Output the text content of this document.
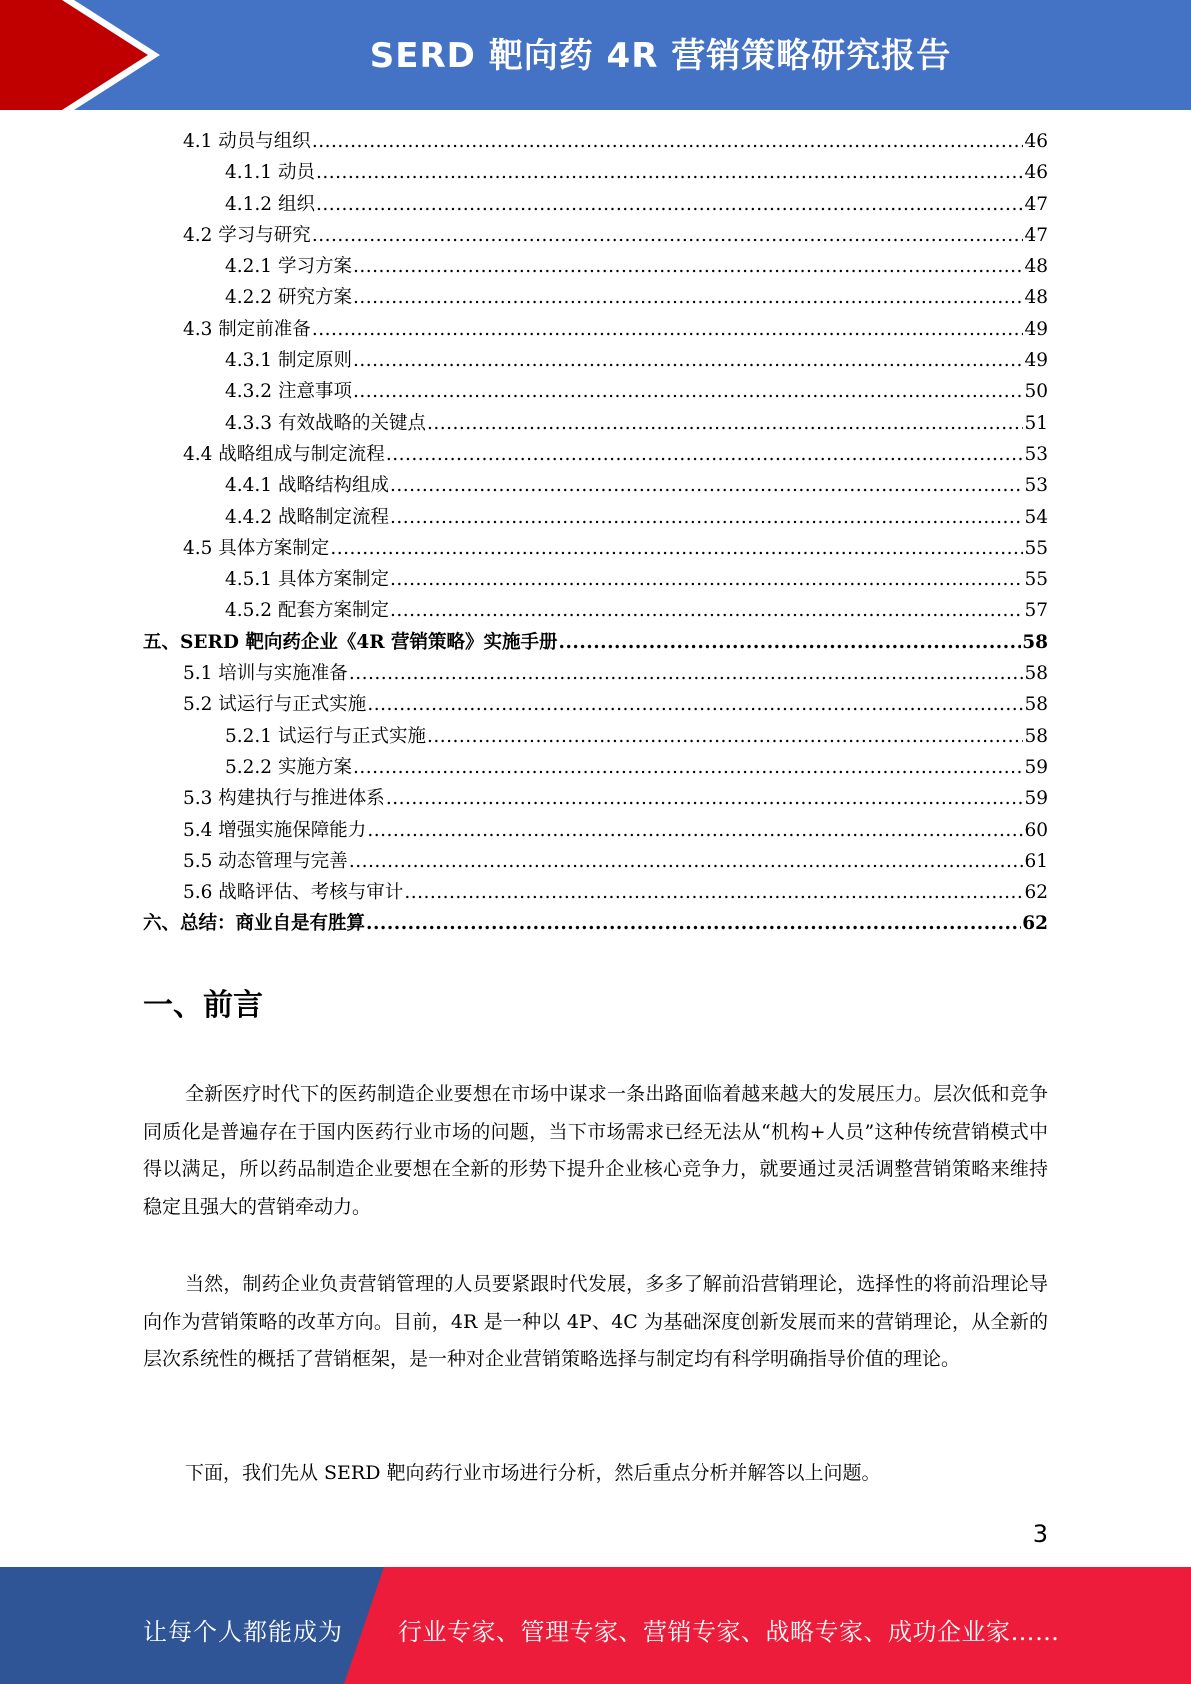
SERD 靶向药 4R 营销策略研究报告
4.1 动员与组织 .....	46
4.1.1 动员 .....	46
4.1.2 组织 .....	47
4.2 学习与研究 .....	47
4.2.1 学习方案 .....	48
4.2.2 研究方案 .....	48
4.3 制定前准备 .....	49
4.3.1 制定原则 .....	49
4.3.2 注意事项 .....	50
4.3.3 有效战略的关键点 .....	51
4.4 战略组成与制定流程 .....	53
4.4.1 战略结构组成 .....	53
4.4.2 战略制定流程 .....	54
4.5 具体方案制定 .....	55
4.5.1 具体方案制定 .....	55
4.5.2 配套方案制定 .....	57
五、SERD 靶向药企业《4R 营销策略》实施手册 .....	58
5.1 培训与实施准备 .....	58
5.2 试运行与正式实施 .....	58
5.2.1 试运行与正式实施 .....	58
5.2.2 实施方案 .....	59
5.3 构建执行与推进体系 .....	59
5.4 增强实施保障能力 .....	60
5.5 动态管理与完善 .....	61
5.6 战略评估、考核与审计 .....	62
六、总结：商业自是有胜算 .....	62
一、前言

全新医疗时代下的医药制造企业要想在市场中谋求一条出路面临着越来越大的发展压力。层次低和竞争同质化是普遍存在于国内医药行业市场的问题，当下市场需求已经无法从“机构+人员”这种传统营销模式中得以满足，所以药品制造企业要想在全新的形势下提升企业核心竞争力，就要通过灵活调整营销策略来维持稳定且强大的营销牵动力。

当然，制药企业负责营销管理的人员要紧跟时代发展，多多了解前沿营销理论，选择性的将前沿理论导向作为营销策略的改革方向。目前，4R 是一种以 4P、4C 为基础深度创新发展而来的营销理论，从全新的层次系统性的概括了营销框架，是一种对企业营销策略选择与制定均有科学明确指导价值的理论。

下面，我们先从 SERD 靶向药行业市场进行分析，然后重点分析并解答以上问题。

3
让每个人都能成为 行业专家、管理专家、营销专家、战略专家、成功企业家……
